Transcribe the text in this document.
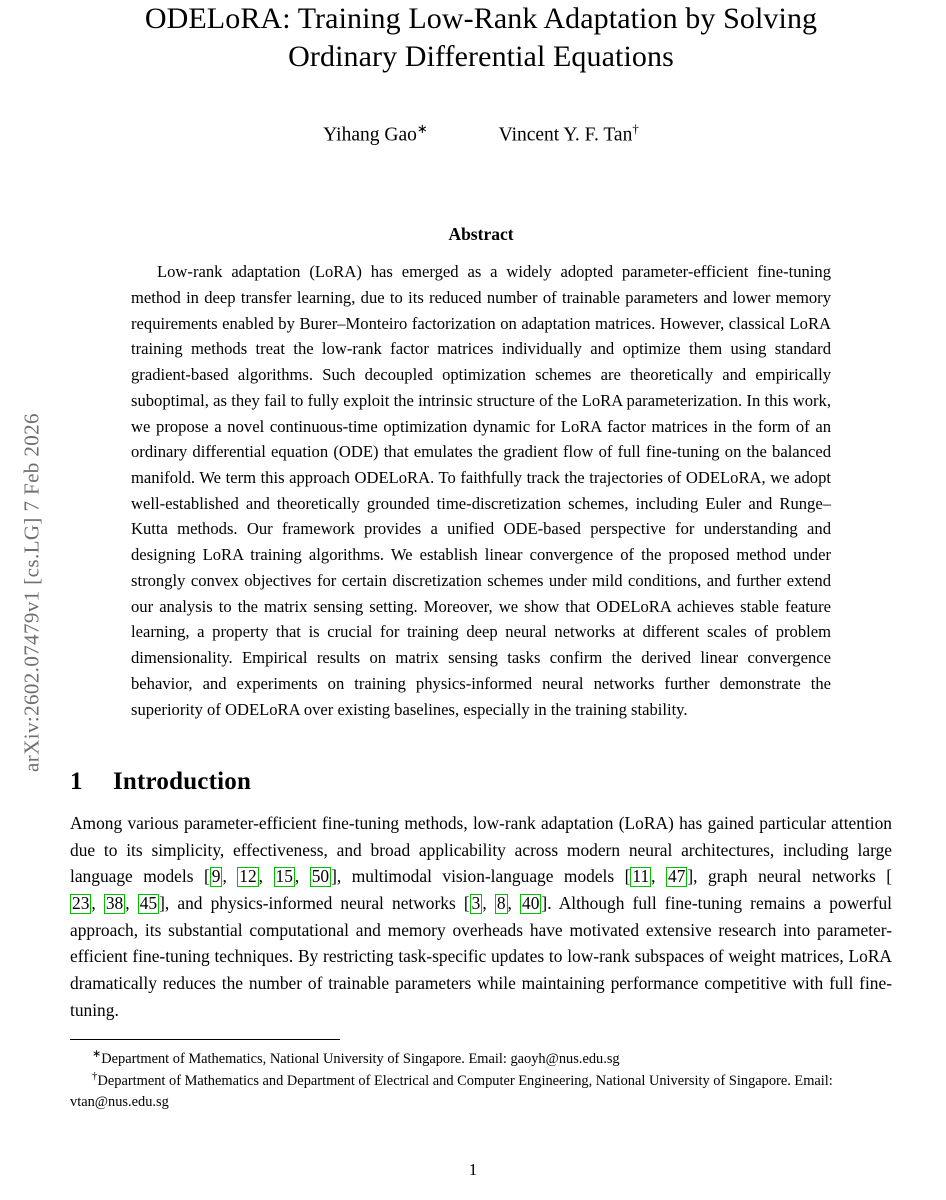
arXiv:2602.07479v1 [cs.LG] 7 Feb 2026
ODELoRA: Training Low-Rank Adaptation by Solving
Ordinary Differential Equations
Yihang Gao∗	Vincent Y. F. Tan†
Abstract

Low-rank adaptation (LoRA) has emerged as a widely adopted parameter-efficient fine-tuning method in deep transfer learning, due to its reduced number of trainable parameters and lower memory requirements enabled by Burer–Monteiro factorization on adaptation matrices. However, classical LoRA training methods treat the low-rank factor matrices individually and optimize them using standard gradient-based algorithms. Such decoupled optimization schemes are theoretically and empirically suboptimal, as they fail to fully exploit the intrinsic structure of the LoRA parameterization. In this work, we propose a novel continuous-time optimization dynamic for LoRA factor matrices in the form of an ordinary differential equation (ODE) that emulates the gradient flow of full fine-tuning on the balanced manifold. We term this approach ODELoRA. To faithfully track the trajectories of ODELoRA, we adopt well-established and theoretically grounded time-discretization schemes, including Euler and Runge–Kutta methods. Our framework provides a unified ODE-based perspective for understanding and designing LoRA training algorithms. We establish linear convergence of the proposed method under strongly convex objectives for certain discretization schemes under mild conditions, and further extend our analysis to the matrix sensing setting. Moreover, we show that ODELoRA achieves stable feature learning, a property that is crucial for training deep neural networks at different scales of problem dimensionality. Empirical results on matrix sensing tasks confirm the derived linear convergence behavior, and experiments on training physics-informed neural networks further demonstrate the superiority of ODELoRA over existing baselines, especially in the training stability.

1 Introduction

Among various parameter-efficient fine-tuning methods, low-rank adaptation (LoRA) has gained particular attention due to its simplicity, effectiveness, and broad applicability across modern neural architectures, including large language models [ 9 , 12 , 15 , 50 ], multimodal vision-language models [ 11 , 47 ], graph neural networks [23 , 38 , 45 ], and physics-informed neural networks [ 3 , 8 , 40 ]. Although full fine-tuning remains a powerful approach, its substantial computational and memory overheads have motivated extensive research into parameter-efficient fine-tuning techniques. By restricting task-specific updates to low-rank subspaces of weight matrices, LoRA dramatically reduces the number of trainable parameters while maintaining performance competitive with full fine-tuning.

∗Department of Mathematics, National University of Singapore. Email: gaoyh@nus.edu.sg

†Department of Mathematics and Department of Electrical and Computer Engineering, National University of Singapore. Email: vtan@nus.edu.sg

1
